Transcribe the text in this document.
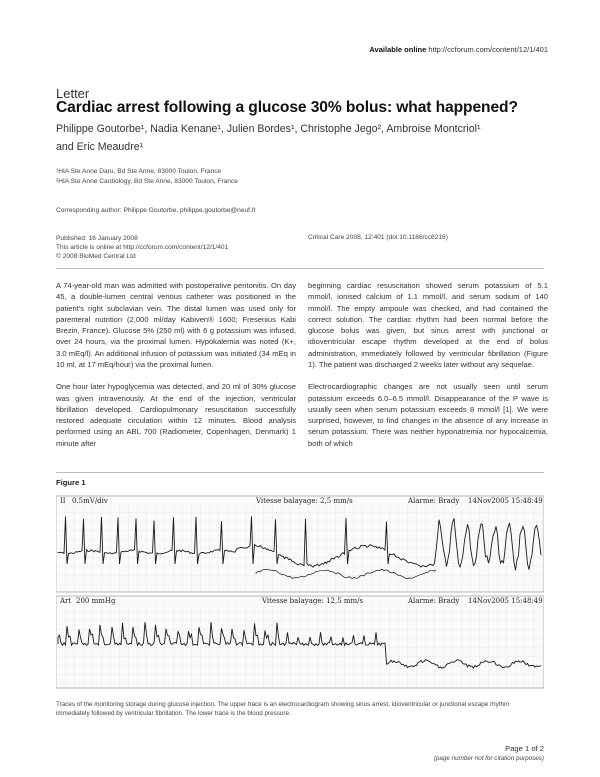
Available online http://ccforum.com/content/12/1/401
Letter
Cardiac arrest following a glucose 30% bolus: what happened?
Philippe Goutorbe¹, Nadia Kenane¹, Julien Bordes¹, Christophe Jego², Ambroise Montcriol¹
and Eric Meaudre¹
¹HIA Ste Anne Daru, Bd Ste Anne, 83000 Toulon, France
²HIA Ste Anne Cardiology, Bd Ste Anne, 83000 Toulon, France
Corresponding author: Philippe Goutorbe, philippe.goutorbe@neuf.fr
Published: 16 January 2008
This article is online at http://ccforum.com/content/12/1/401
© 2008 BioMed Central Ltd
Critical Care 2008, 12:401 (doi:10.1186/cc6216)

A 74-year-old man was admitted with postoperative peritonitis. On day 45, a double-lumen central venous catheter was positioned in the patient's right subclavian vein. The distal lumen was used only for parenteral nutrition (2,000 ml/day Kabiven® 1600; Fresenius Kabi Brezin, France). Glucose 5% (250 ml) with 6 g potassium was infused, over 24 hours, via the proximal lumen. Hypokalemia was noted (K+, 3.0 mEq/l). An additional infusion of potassium was initiated (34 mEq in 10 ml, at 17 mEq/hour) via the proximal lumen.

One hour later hypoglycemia was detected, and 20 ml of 30% glucose was given intravenously. At the end of the injection, ventricular fibrillation developed. Cardiopulmonary resuscitation successfully restored adequate circulation within 12 minutes. Blood analysis performed using an ABL 700 (Radiometer, Copenhagen, Denmark) 1 minute after

beginning cardiac resuscitation showed serum potassium of 5.1 mmol/l, ionised calcium of 1.1 mmol/l, and serum sodium of 140 mmol/l. The empty ampoule was checked, and had contained the correct solution. The cardiac rhythm had been normal before the glucose bolus was given, but sinus arrest with junctional or idioventricular escape rhythm developed at the end of bolus administration, immediately followed by ventricular fibrillation (Figure 1). The patient was discharged 2 weeks later without any sequelae.

Electrocardiographic changes are not usually seen until serum potassium exceeds 6.0–6.5 mmol/l. Disappearance of the P wave is usually seen when serum potassium exceeds 8 mmol/l [1]. We were surprised, however, to find changes in the absence of any increase in serum potassium. There was neither hyponatremia nor hypocalcemia, both of which

Figure 1
II 0.5mV/div	Vitesse balayage: 2,5 mm/s	Alarme: Brady 14Nov2005 15:48:49
Art 200 mmHg	Vitesse balayage: 12,5 mm/s	Alarme: Brady 14Nov2005 15:48:49
Traces of the monitoring storage during glucose injection. The upper trace is an electrocardiogram showing sinus arrest, idioventricular or junctional escape rhythm immediately followed by ventricular fibrillation. The lower trace is the blood pressure.
Page 1 of 2
(page number not for citation purposes)
